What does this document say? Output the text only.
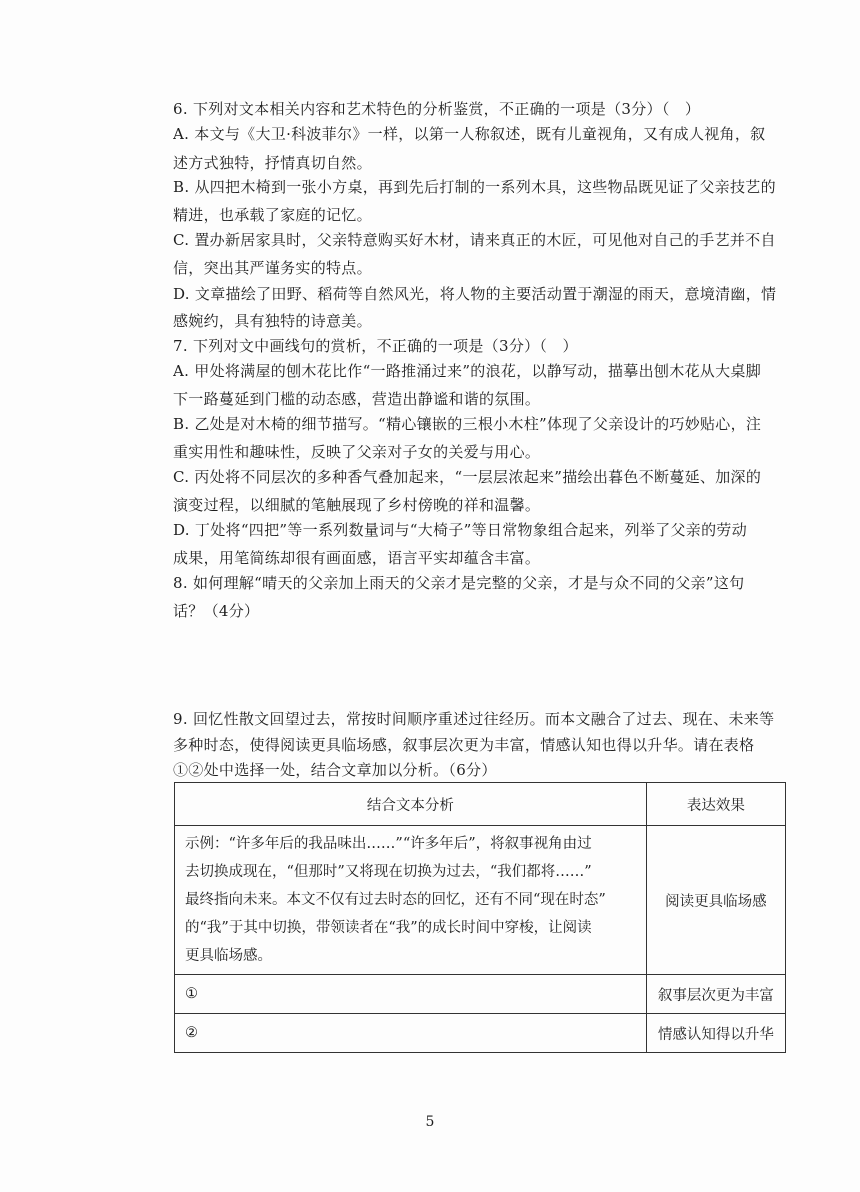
6. 下列对文本相关内容和艺术特色的分析鉴赏，不正确的一项是（3分）（　）
A. 本文与《大卫·科波菲尔》一样，以第一人称叙述，既有儿童视角，又有成人视角，叙
述方式独特，抒情真切自然。
B. 从四把木椅到一张小方桌，再到先后打制的一系列木具，这些物品既见证了父亲技艺的
精进，也承载了家庭的记忆。
C. 置办新居家具时，父亲特意购买好木材，请来真正的木匠，可见他对自己的手艺并不自
信，突出其严谨务实的特点。
D. 文章描绘了田野、稻荷等自然风光，将人物的主要活动置于潮湿的雨天，意境清幽，情
感婉约，具有独特的诗意美。
7. 下列对文中画线句的赏析，不正确的一项是（3分）（　）
A. 甲处将满屋的刨木花比作“一路推涌过来”的浪花，以静写动，描摹出刨木花从大桌脚
下一路蔓延到门槛的动态感，营造出静谧和谐的氛围。
B. 乙处是对木椅的细节描写。“精心镶嵌的三根小木柱”体现了父亲设计的巧妙贴心，注
重实用性和趣味性，反映了父亲对子女的关爱与用心。
C. 丙处将不同层次的多种香气叠加起来，“一层层浓起来”描绘出暮色不断蔓延、加深的
演变过程，以细腻的笔触展现了乡村傍晚的祥和温馨。
D. 丁处将“四把”等一系列数量词与“大椅子”等日常物象组合起来，列举了父亲的劳动
成果，用笔简练却很有画面感，语言平实却蕴含丰富。
8. 如何理解“晴天的父亲加上雨天的父亲才是完整的父亲，才是与众不同的父亲”这句
话？（4分）
9. 回忆性散文回望过去，常按时间顺序重述过往经历。而本文融合了过去、现在、未来等
多种时态，使得阅读更具临场感，叙事层次更为丰富，情感认知也得以升华。请在表格
①②处中选择一处，结合文章加以分析。（6分）
结合文本分析	表达效果

示例：“许多年后的我品味出……”“许多年后”，将叙事视角由过
去切换成现在，“但那时”又将现在切换为过去，“我们都将……”
最终指向未来。本文不仅有过去时态的回忆，还有不同“现在时态”
的“我”于其中切换，带领读者在“我”的成长时间中穿梭，让阅读
更具临场感。	阅读更具临场感
①	叙事层次更为丰富
②	情感认知得以升华
5
